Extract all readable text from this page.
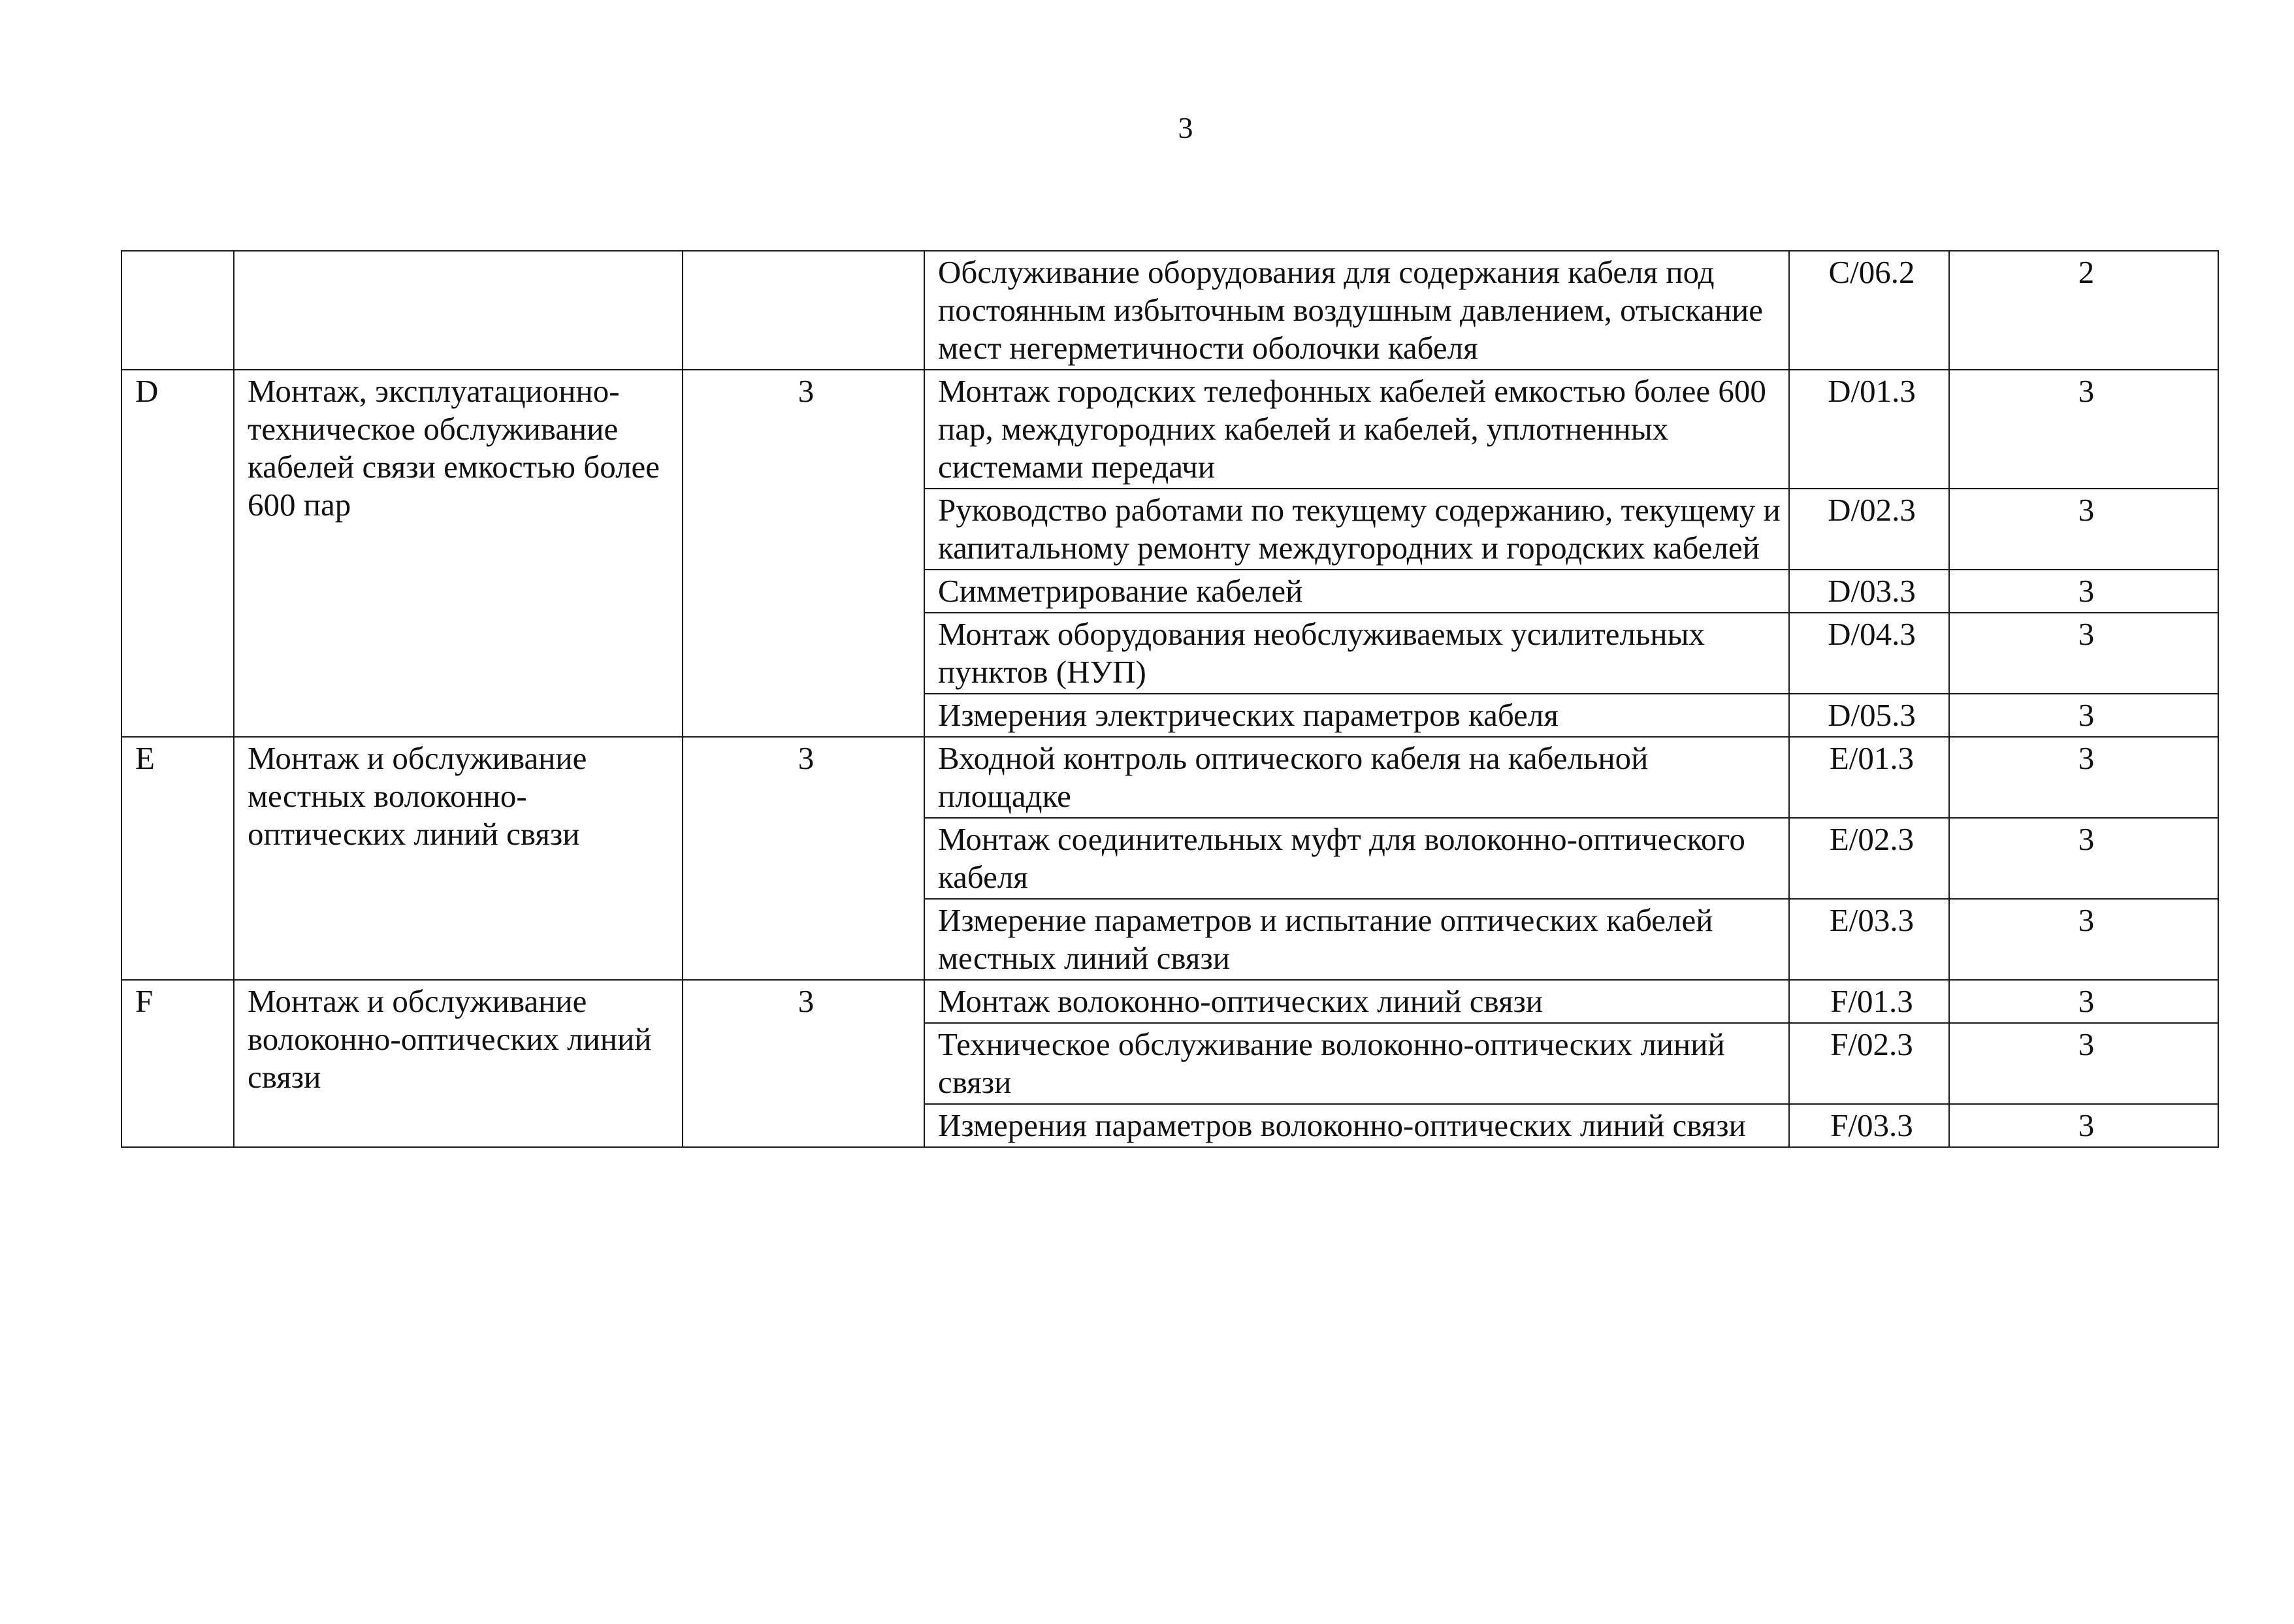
3
			Обслуживание оборудования для содержания кабеля под постоянным избыточным воздушным давлением, отыскание мест негерметичности оболочки кабеля	C/06.2	2
D	Монтаж, эксплуатационно-техническое обслуживание кабелей связи емкостью более 600 пар	3	Монтаж городских телефонных кабелей емкостью более 600 пар, междугородних кабелей и кабелей, уплотненных системами передачи	D/01.3	3
			Руководство работами по текущему содержанию, текущему и капитальному ремонту междугородних и городских кабелей	D/02.3	3
			Симметрирование кабелей	D/03.3	3
			Монтаж оборудования необслуживаемых усилительных пунктов (НУП)	D/04.3	3
			Измерения электрических параметров кабеля	D/05.3	3
E	Монтаж и обслуживание местных волоконно-оптических линий связи	3	Входной контроль оптического кабеля на кабельной площадке	E/01.3	3
			Монтаж соединительных муфт для волоконно-оптического кабеля	E/02.3	3
			Измерение параметров и испытание оптических кабелей местных линий связи	E/03.3	3
F	Монтаж и обслуживание волоконно-оптических линий связи	3	Монтаж волоконно-оптических линий связи	F/01.3	3
			Техническое обслуживание волоконно-оптических линий связи	F/02.3	3
			Измерения параметров волоконно-оптических линий связи	F/03.3	3
